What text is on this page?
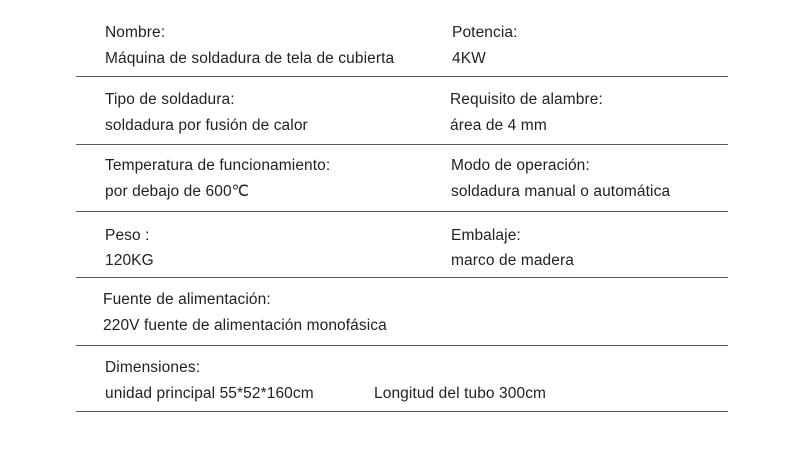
Nombre:
Máquina de soldadura de tela de cubierta
Potencia:
4KW
Tipo de soldadura:
soldadura por fusión de calor
Requisito de alambre:
área de 4 mm
Temperatura de funcionamiento:
por debajo de 600℃
Modo de operación:
soldadura manual o automática
Peso :
120KG
Embalaje:
marco de madera
Fuente de alimentación:
220V fuente de alimentación monofásica
Dimensiones:
unidad principal 55*52*160cm	Longitud del tubo 300cm
